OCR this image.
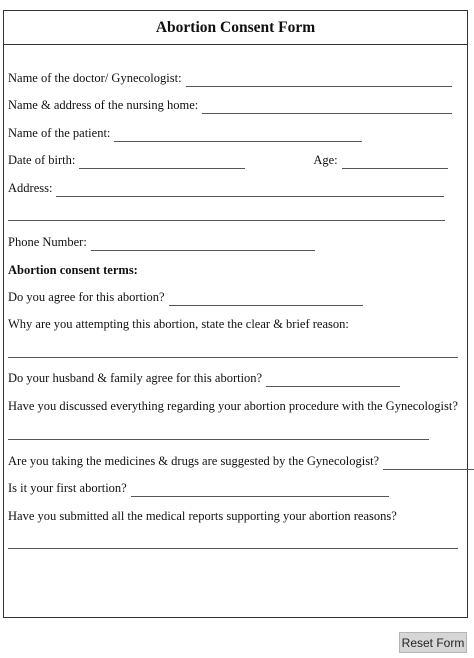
Abortion Consent Form
Name of the doctor/ Gynecologist:
Name & address of the nursing home:
Name of the patient:
Date of birth:	Age:
Address:
Phone Number:
Abortion consent terms:
Do you agree for this abortion?
Why are you attempting this abortion, state the clear & brief reason:
Do your husband & family agree for this abortion?
Have you discussed everything regarding your abortion procedure with the Gynecologist?
Are you taking the medicines & drugs are suggested by the Gynecologist?
Is it your first abortion?
Have you submitted all the medical reports supporting your abortion reasons?
Reset Form
